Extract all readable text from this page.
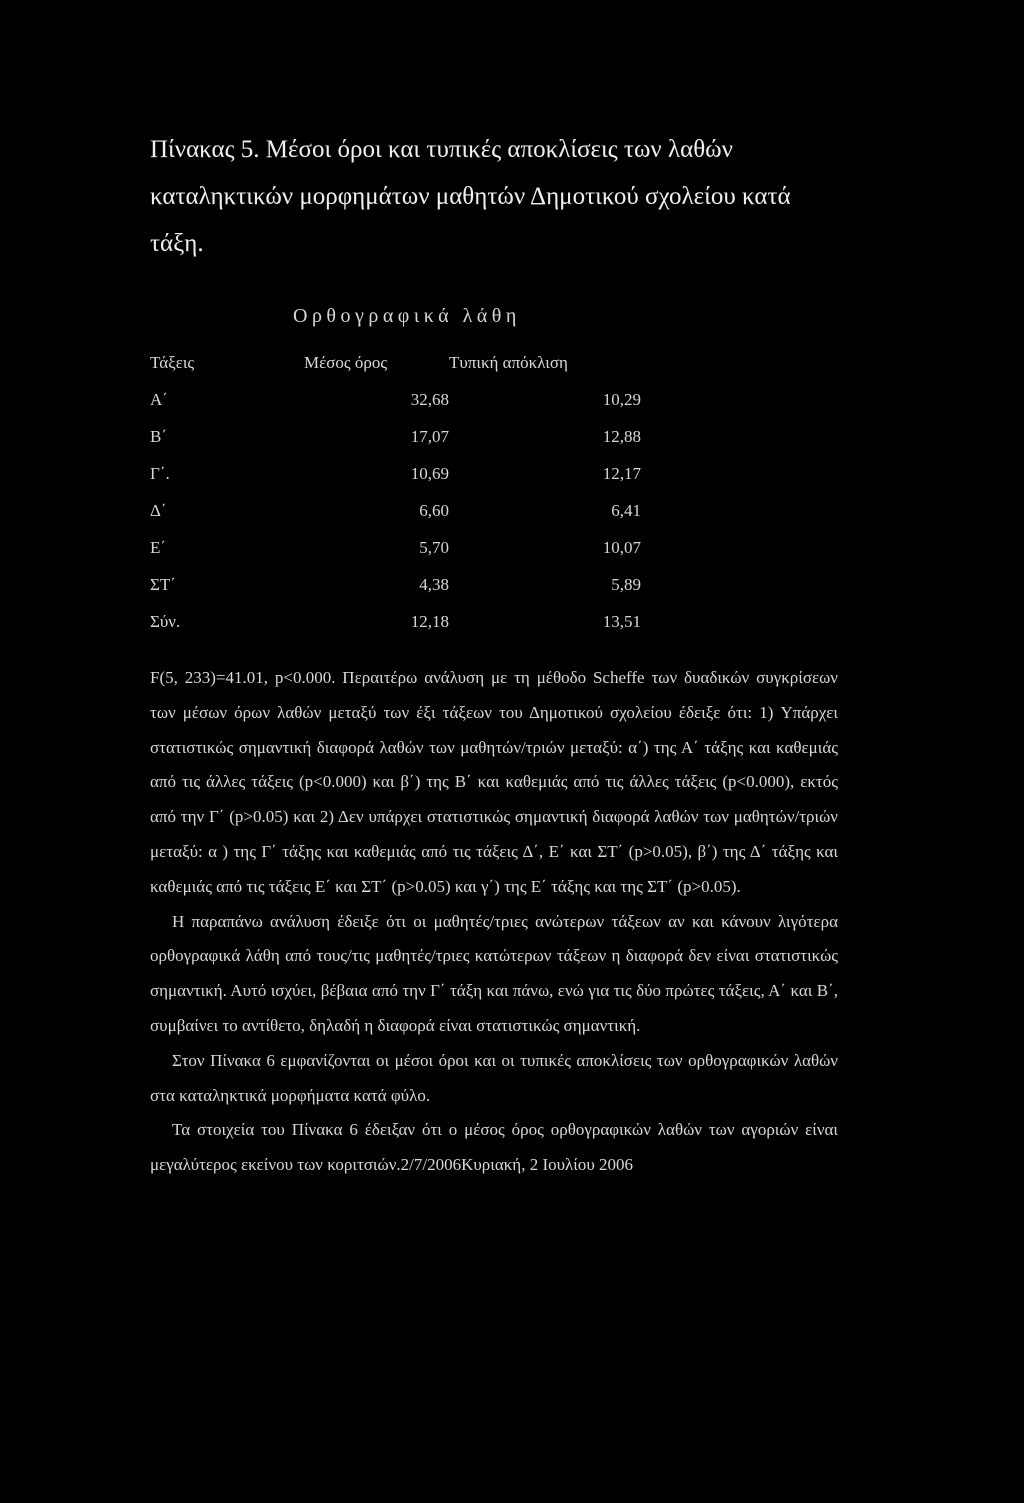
Πίνακας 5. Μέσοι όροι και τυπικές αποκλίσεις των λαθών καταληκτικών μορφημάτων μαθητών Δημοτικού σχολείου κατά τάξη.
Ορθογραφικά λάθη
Τάξεις	Μέσος όρος	Τυπική απόκλιση
Α΄	32,68	10,29
Β΄	17,07	12,88
Γ΄.	10,69	12,17
Δ΄	6,60	6,41
Ε΄	5,70	10,07
ΣΤ΄	4,38	5,89
Σύν.	12,18	13,51

F(5, 233)=41.01, p<0.000. Περαιτέρω ανάλυση με τη μέθοδο Scheffe των δυαδικών συγκρίσεων των μέσων όρων λαθών μεταξύ των έξι τάξεων του Δημοτικού σχολείου έδειξε ότι: 1) Υπάρχει στατιστικώς σημαντική διαφορά λαθών των μαθητών/τριών μεταξύ: α΄) της Α΄ τάξης και καθεμιάς από τις άλλες τάξεις (p<0.000) και β΄) της Β΄ και καθεμιάς από τις άλλες τάξεις (p<0.000), εκτός από την Γ΄ (p>0.05) και 2) Δεν υπάρχει στατιστικώς σημαντική διαφορά λαθών των μαθητών/τριών μεταξύ: α ) της Γ΄ τάξης και καθεμιάς από τις τάξεις Δ΄, Ε΄ και ΣΤ΄ (p>0.05), β΄) της Δ΄ τάξης και καθεμιάς από τις τάξεις Ε΄ και ΣΤ΄ (p>0.05) και γ΄) της Ε΄ τάξης και της ΣΤ΄ (p>0.05).

Η παραπάνω ανάλυση έδειξε ότι οι μαθητές/τριες ανώτερων τάξεων αν και κάνουν λιγότερα ορθογραφικά λάθη από τους/τις μαθητές/τριες κατώτερων τάξεων η διαφορά δεν είναι στατιστικώς σημαντική. Αυτό ισχύει, βέβαια από την Γ΄ τάξη και πάνω, ενώ για τις δύο πρώτες τάξεις, Α΄ και Β΄, συμβαίνει το αντίθετο, δηλαδή η διαφορά είναι στατιστικώς σημαντική.

Στον Πίνακα 6 εμφανίζονται οι μέσοι όροι και οι τυπικές αποκλίσεις των ορθογραφικών λαθών στα καταληκτικά μορφήματα κατά φύλο.

Τα στοιχεία του Πίνακα 6 έδειξαν ότι ο μέσος όρος ορθογραφικών λαθών των αγοριών είναι μεγαλύτερος εκείνου των κοριτσιών.2/7/2006Κυριακή, 2 Ιουλίου 2006
